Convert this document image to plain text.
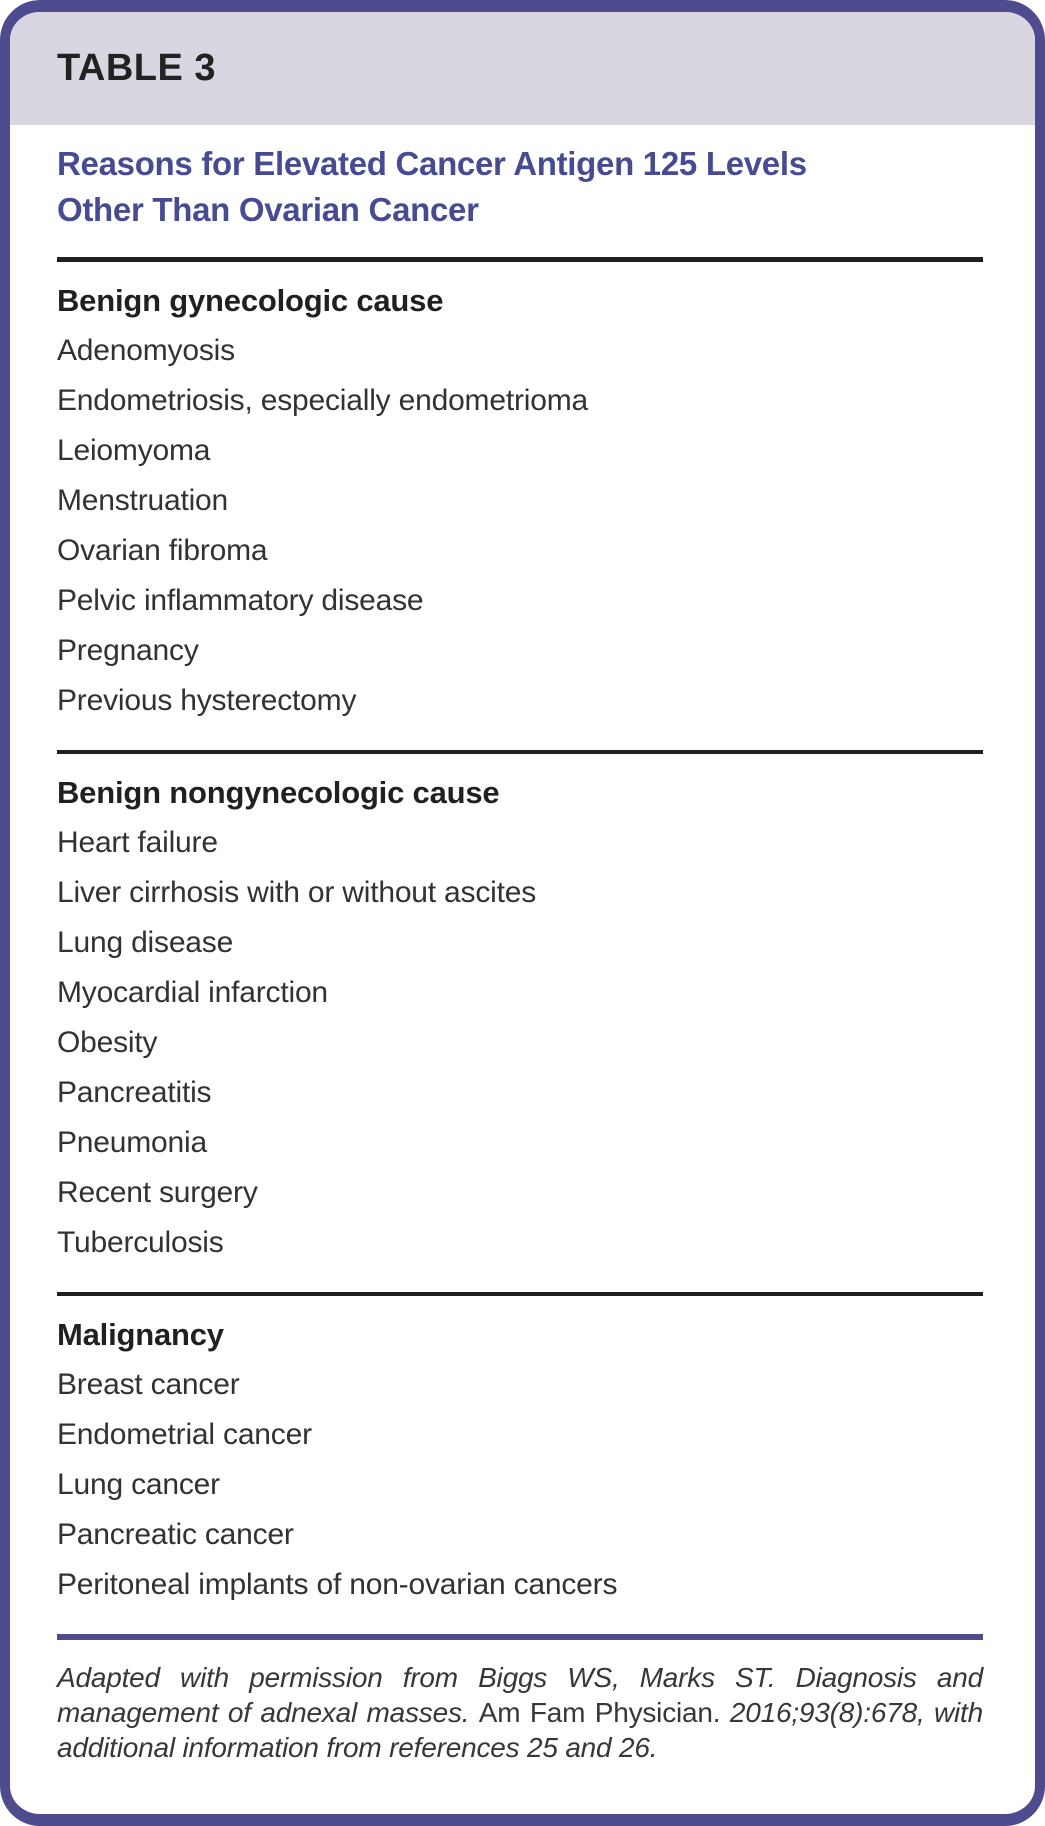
TABLE 3
Reasons for Elevated Cancer Antigen 125 Levels Other Than Ovarian Cancer
Benign gynecologic cause
Adenomyosis
Endometriosis, especially endometrioma
Leiomyoma
Menstruation
Ovarian fibroma
Pelvic inflammatory disease
Pregnancy
Previous hysterectomy
Benign nongynecologic cause
Heart failure
Liver cirrhosis with or without ascites
Lung disease
Myocardial infarction
Obesity
Pancreatitis
Pneumonia
Recent surgery
Tuberculosis
Malignancy
Breast cancer
Endometrial cancer
Lung cancer
Pancreatic cancer
Peritoneal implants of non-ovarian cancers

Adapted with permission from Biggs WS, Marks ST. Diagnosis and management of adnexal masses. Am Fam Physician. 2016;93(8):678, with additional information from references 25 and 26.
